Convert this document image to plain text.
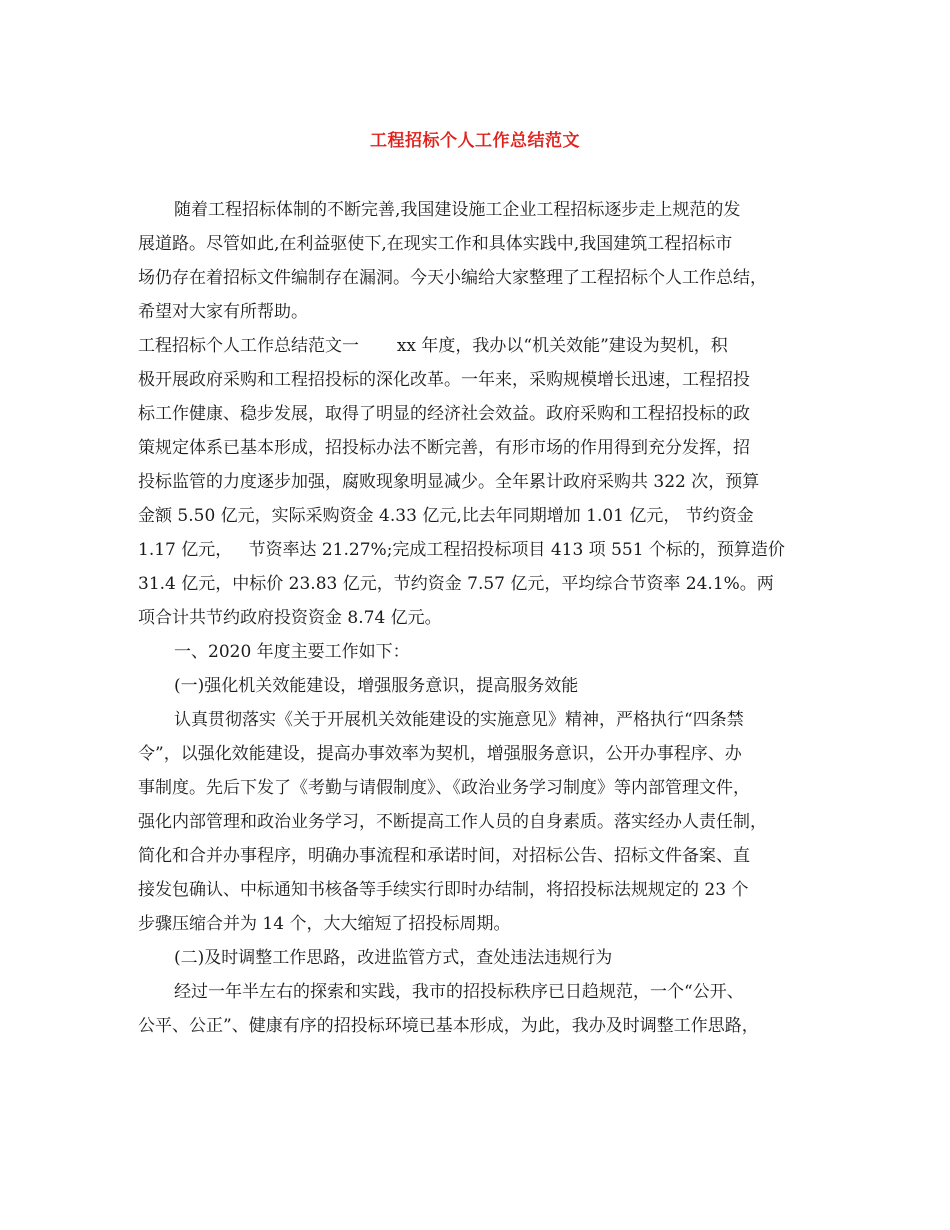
工程招标个人工作总结范文
随着工程招标体制的不断完善,我国建设施工企业工程招标逐步走上规范的发
展道路。尽管如此,在利益驱使下,在现实工作和具体实践中,我国建筑工程招标市
场仍存在着招标文件编制存在漏洞。今天小编给大家整理了工程招标个人工作总结，
希望对大家有所帮助。
工程招标个人工作总结范文一       xx 年度，我办以“机关效能”建设为契机，积
极开展政府采购和工程招投标的深化改革。一年来，采购规模增长迅速，工程招投
标工作健康、稳步发展，取得了明显的经济社会效益。政府采购和工程招投标的政
策规定体系已基本形成，招投标办法不断完善，有形市场的作用得到充分发挥，招
投标监管的力度逐步加强，腐败现象明显减少。全年累计政府采购共 322 次，预算
金额 5.50 亿元，实际采购资金 4.33 亿元,比去年同期增加 1.01 亿元， 节约资金
1.17 亿元，   节资率达 21.27%;完成工程招投标项目 413 项 551 个标的，预算造价
31.4 亿元，中标价 23.83 亿元，节约资金 7.57 亿元，平均综合节资率 24.1%。两
项合计共节约政府投资资金 8.74 亿元。
一、2020 年度主要工作如下：
(一)强化机关效能建设，增强服务意识，提高服务效能
认真贯彻落实《关于开展机关效能建设的实施意见》精神，严格执行“四条禁
令”，以强化效能建设，提高办事效率为契机，增强服务意识，公开办事程序、办
事制度。先后下发了《考勤与请假制度》、《政治业务学习制度》等内部管理文件，
强化内部管理和政治业务学习，不断提高工作人员的自身素质。落实经办人责任制，
简化和合并办事程序，明确办事流程和承诺时间，对招标公告、招标文件备案、直
接发包确认、中标通知书核备等手续实行即时办结制，将招投标法规规定的 23 个
步骤压缩合并为 14 个，大大缩短了招投标周期。
(二)及时调整工作思路，改进监管方式，查处违法违规行为
经过一年半左右的探索和实践，我市的招投标秩序已日趋规范，一个“公开、
公平、公正”、健康有序的招投标环境已基本形成，为此，我办及时调整工作思路，
